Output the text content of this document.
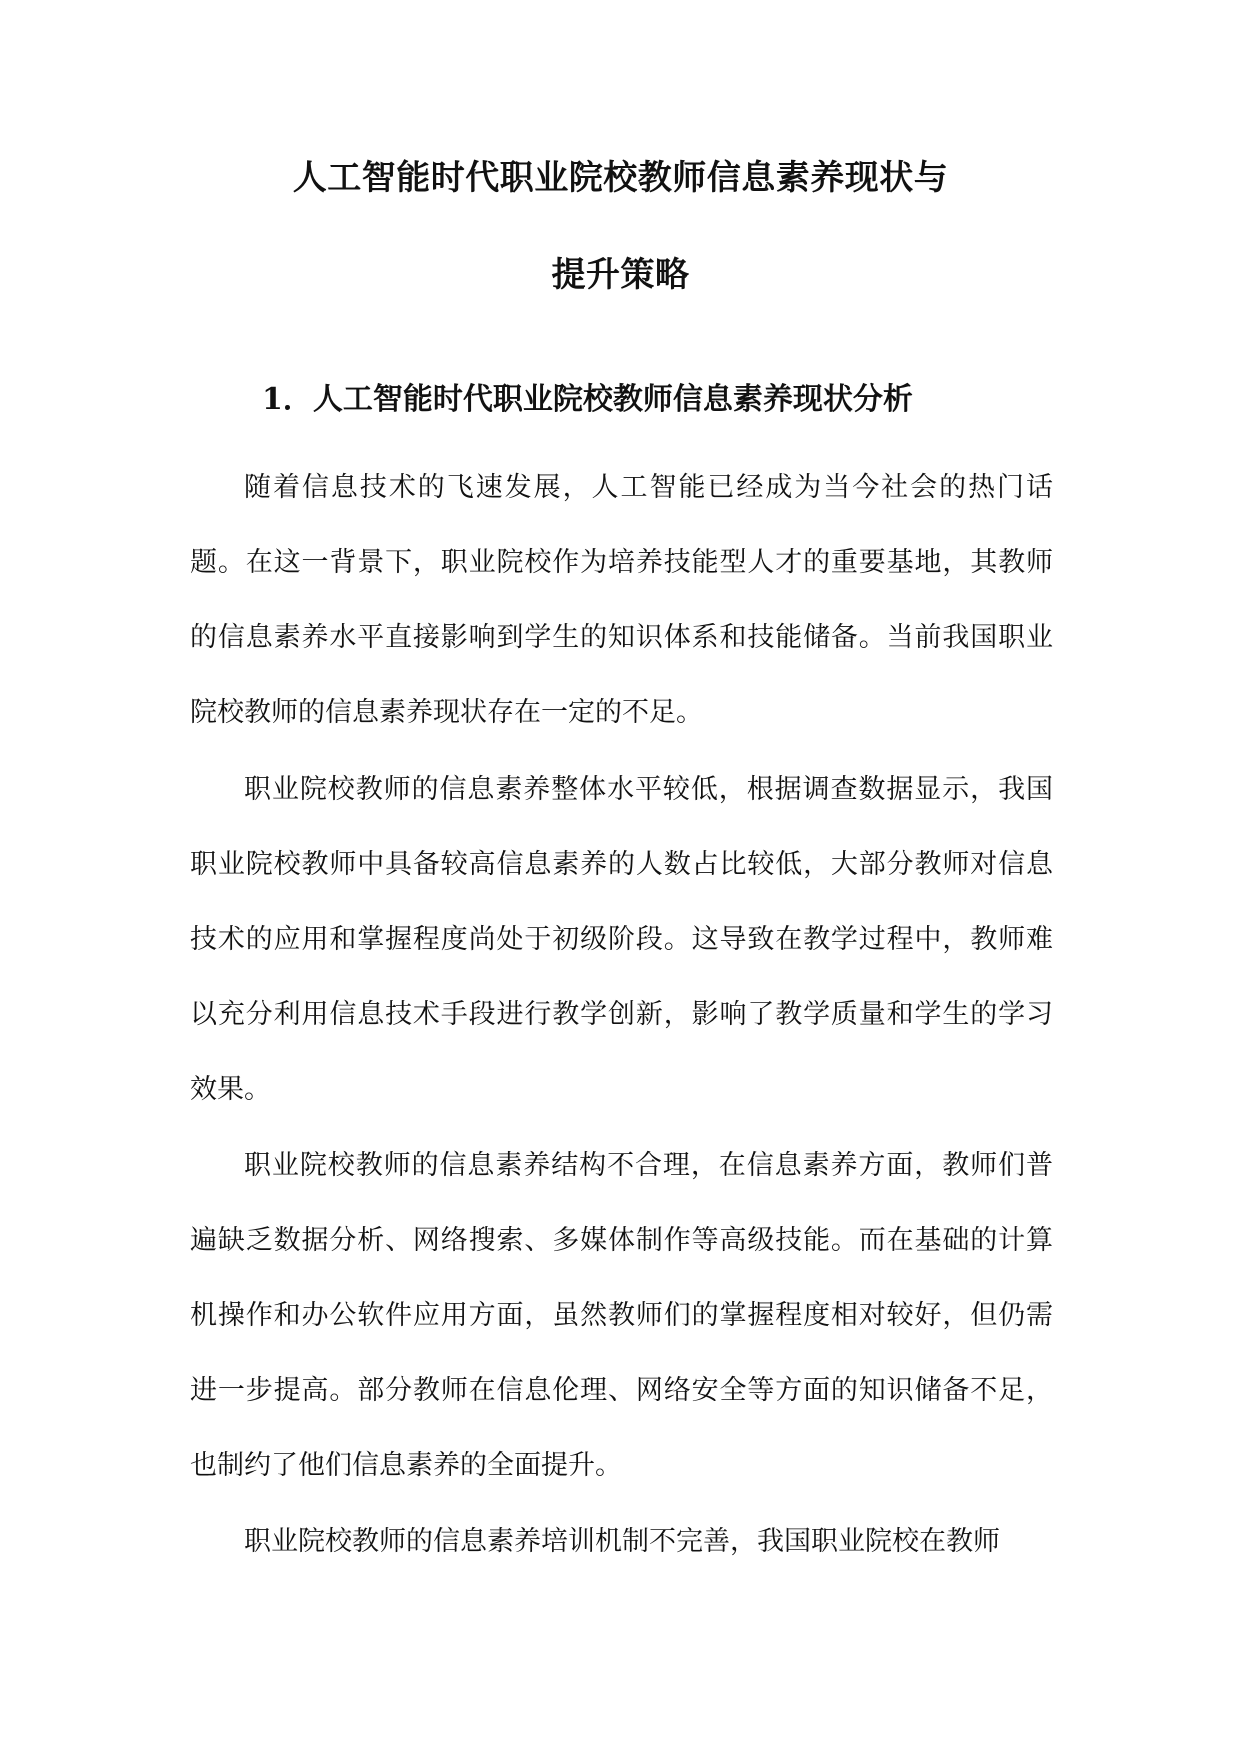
人工智能时代职业院校教师信息素养现状与
提升策略
1．人工智能时代职业院校教师信息素养现状分析
随着信息技术的飞速发展，人工智能已经成为当今社会的热门话题。在这一背景下，职业院校作为培养技能型人才的重要基地，其教师的信息素养水平直接影响到学生的知识体系和技能储备。当前我国职业院校教师的信息素养现状存在一定的不足。
职业院校教师的信息素养整体水平较低，根据调查数据显示，我国职业院校教师中具备较高信息素养的人数占比较低，大部分教师对信息技术的应用和掌握程度尚处于初级阶段。这导致在教学过程中，教师难以充分利用信息技术手段进行教学创新，影响了教学质量和学生的学习效果。
职业院校教师的信息素养结构不合理，在信息素养方面，教师们普遍缺乏数据分析、网络搜索、多媒体制作等高级技能。而在基础的计算机操作和办公软件应用方面，虽然教师们的掌握程度相对较好，但仍需进一步提高。部分教师在信息伦理、网络安全等方面的知识储备不足，也制约了他们信息素养的全面提升。
职业院校教师的信息素养培训机制不完善，我国职业院校在教师
